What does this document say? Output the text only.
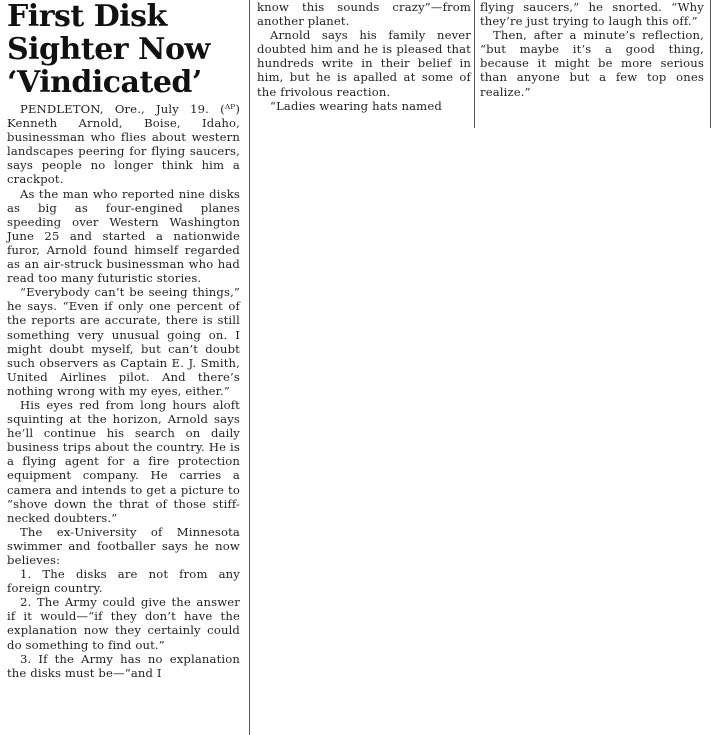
First Disk
Sighter Now
‘Vindicated’

PENDLETON, Ore., July 19. (ᴬᴾ) Kenneth Arnold, Boise, Idaho, businessman who flies about western landscapes peering for flying saucers, says people no longer think him a crackpot.

As the man who reported nine disks as big as four-engined planes speeding over Western Washington June 25 and started a nationwide furor, Arnold found himself regarded as an air-struck businessman who had read too many futuristic stories.

“Everybody can’t be seeing things,” he says. “Even if only one percent of the reports are accurate, there is still something very unusual going on. I might doubt myself, but can’t doubt such observers as Captain E. J. Smith, United Airlines pilot. And there’s nothing wrong with my eyes, either.”

His eyes red from long hours aloft squinting at the horizon, Arnold says he’ll continue his search on daily business trips about the country. He is a flying agent for a fire protection equipment company. He carries a camera and intends to get a picture to “shove down the thrat of those stiff-necked doubters.”

The ex-University of Minnesota swimmer and footballer says he now believes:

1. The disks are not from any foreign country.

2. The Army could give the answer if it would—“if they don’t have the explanation now they certainly could do something to find out.”

3. If the Army has no explanation the disks must be—“and I

know this sounds crazy”—from another planet.

Arnold says his family never doubted him and he is pleased that hundreds write in their belief in him, but he is apalled at some of the frivolous reaction.

“Ladies wearing hats named

flying saucers,” he snorted. “Why they’re just trying to laugh this off.”

Then, after a minute’s reflection, “but maybe it’s a good thing, because it might be more serious than anyone but a few top ones realize.”
